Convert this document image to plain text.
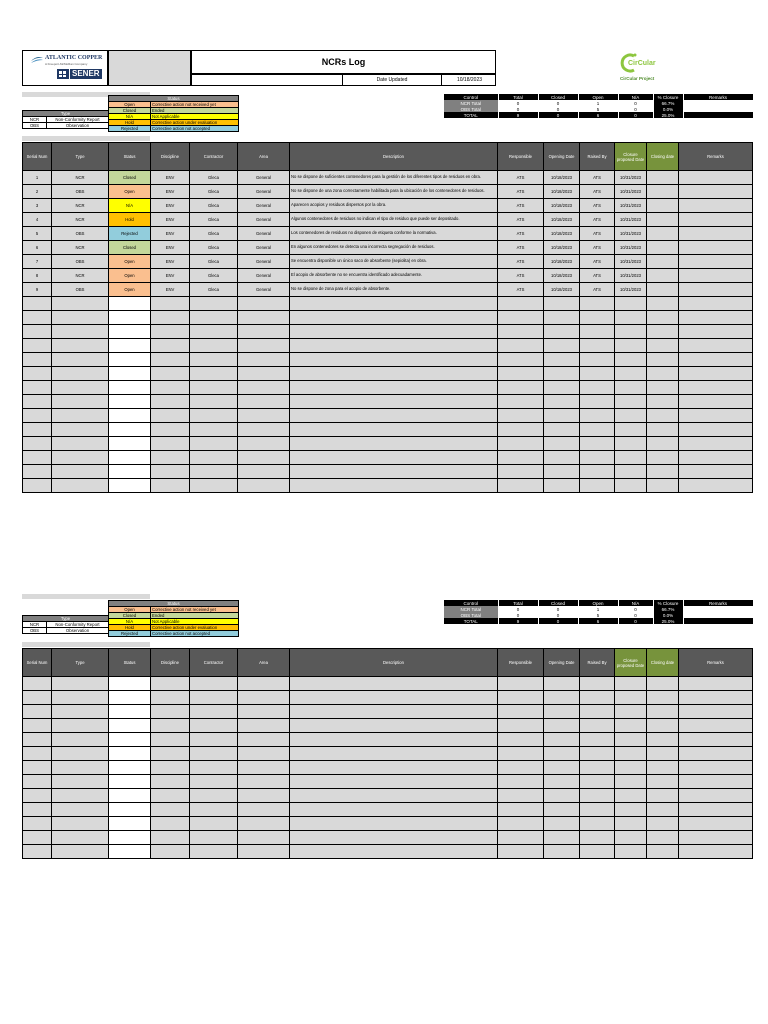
ATLANTIC COPPER
A Freeport-McMoRan Company
SENER
NCRs Log
Date Updated	10/18/2023
CirCular
CirCular Project
Status	
Open	Corrective action not received yet
Closed	Ended
N/A	Not Applicable
Hold	Corrective action under evaluation
Rejected	Corrective action not accepted
Type	
NCR	Non-Conformity Report
OBS	Observation
Control	Total	Closed	Open	N/A	% Closure	Remarks
NCR Total	0	0	1	0	66.7%	
OBS Total	0	0	5	0	0.0%	
TOTAL	9	0	6	0	25.0%	
Serial Num	Type	Status	Discipline	Contractor	Area	Description	Responsible	Opening Date	Raised By	Closure proposed Date	Closing date	Remarks
1	NCR	Closed	ENV	Gleca	General	No se dispone de suficientes contenedores para la gestión de los diferentes tipos de residuos en obra.	ATS	10/18/2023	ATS	10/31/2023		
2	OBS	Open	ENV	Gleca	General	No se dispone de una zona correctamente habilitada para la ubicación de los contenedores de residuos.	ATS	10/18/2023	ATS	10/31/2023		
3	NCR	N/A	ENV	Gleca	General	Aparecen acopios y residuos dispersos por la obra.	ATS	10/18/2023	ATS	10/31/2023		
4	NCR	Hold	ENV	Gleca	General	Algunos contenedores de residuos no indican el tipo de residuo que puede ser depositado.	ATS	10/18/2023	ATS	10/31/2023		
5	OBS	Rejected	ENV	Gleca	General	Los contenedores de residuos no disponen de etiqueta conforme la normativa.	ATS	10/18/2023	ATS	10/31/2023		
6	NCR	Closed	ENV	Gleca	General	En algunos contenedores se detecta una incorrecta segregación de residuos.	ATS	10/18/2023	ATS	10/31/2023		
7	OBS	Open	ENV	Gleca	General	Se encuentra disponible un único saco de absorbente (sepiolita) en obra.	ATS	10/18/2023	ATS	10/31/2023		
8	NCR	Open	ENV	Gleca	General	El acopio de absorbente no se encuentra identificado adecuadamente.	ATS	10/18/2023	ATS	10/31/2023		
9	OBS	Open	ENV	Gleca	General	No se dispone de zona para el acopio de absorbente.	ATS	10/18/2023	ATS	10/31/2023		

Status	
Open	Corrective action not received yet
Closed	Ended
N/A	Not Applicable
Hold	Corrective action under evaluation
Rejected	Corrective action not accepted
Type	
NCR	Non-Conformity Report
OBS	Observation
Control	Total	Closed	Open	N/A	% Closure	Remarks
NCR Total	0	0	1	0	66.7%	
OBS Total	0	0	5	0	0.0%	
TOTAL	9	0	6	0	25.0%	
Serial Num	Type	Status	Discipline	Contractor	Area	Description	Responsible	Opening Date	Raised By	Closure proposed Date	Closing date	Remarks
